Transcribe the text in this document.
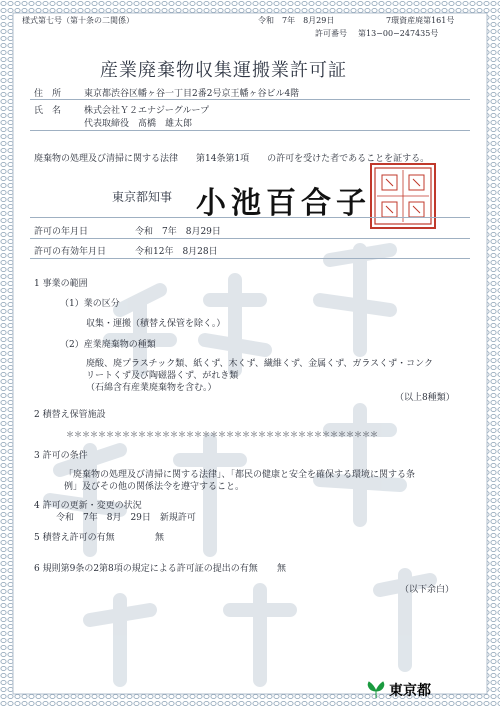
様式第七号（第十条の二関係）	令和　7年　8月29日	7環資産廃第161号
許可番号 第13−00−247435号
産業廃棄物収集運搬業許可証
住　所	東京都渋谷区幡ヶ谷一丁目2番2号京王幡ヶ谷ビル4階
氏　名	株式会社Ｙ２エナジーグループ
代表取締役　髙橋　雄太郎
廃棄物の処理及び清掃に関する法律　　第14条第1項　　の許可を受けた者であることを証する。
東京都知事 小池百合子
許可の年月日	令和　7年　8月29日
許可の有効年月日	令和12年　8月28日
1 事業の範囲
（1）業の区分
収集・運搬（積替え保管を除く。）
（2）産業廃棄物の種類
廃酸、廃プラスチック類、紙くず、木くず、繊維くず、金属くず、ガラスくず・コンク
リートくず及び陶磁器くず、がれき類
（石綿含有産業廃棄物を含む。）
（以上8種類）
2 積替え保管施設
＊＊＊＊＊＊＊＊＊＊＊＊＊＊＊＊＊＊＊＊＊＊＊＊＊＊＊＊＊＊＊＊＊＊＊＊＊＊＊
3 許可の条件
「廃棄物の処理及び清掃に関する法律」、「都民の健康と安全を確保する環境に関する条
例」及びその他の関係法令を遵守すること。
4 許可の更新・変更の状況
令和　7年　8月　29日　新規許可
5 積替え許可の有無	無
6 規則第9条の2第8項の規定による許可証の提出の有無 無
（以下余白）
東京都
